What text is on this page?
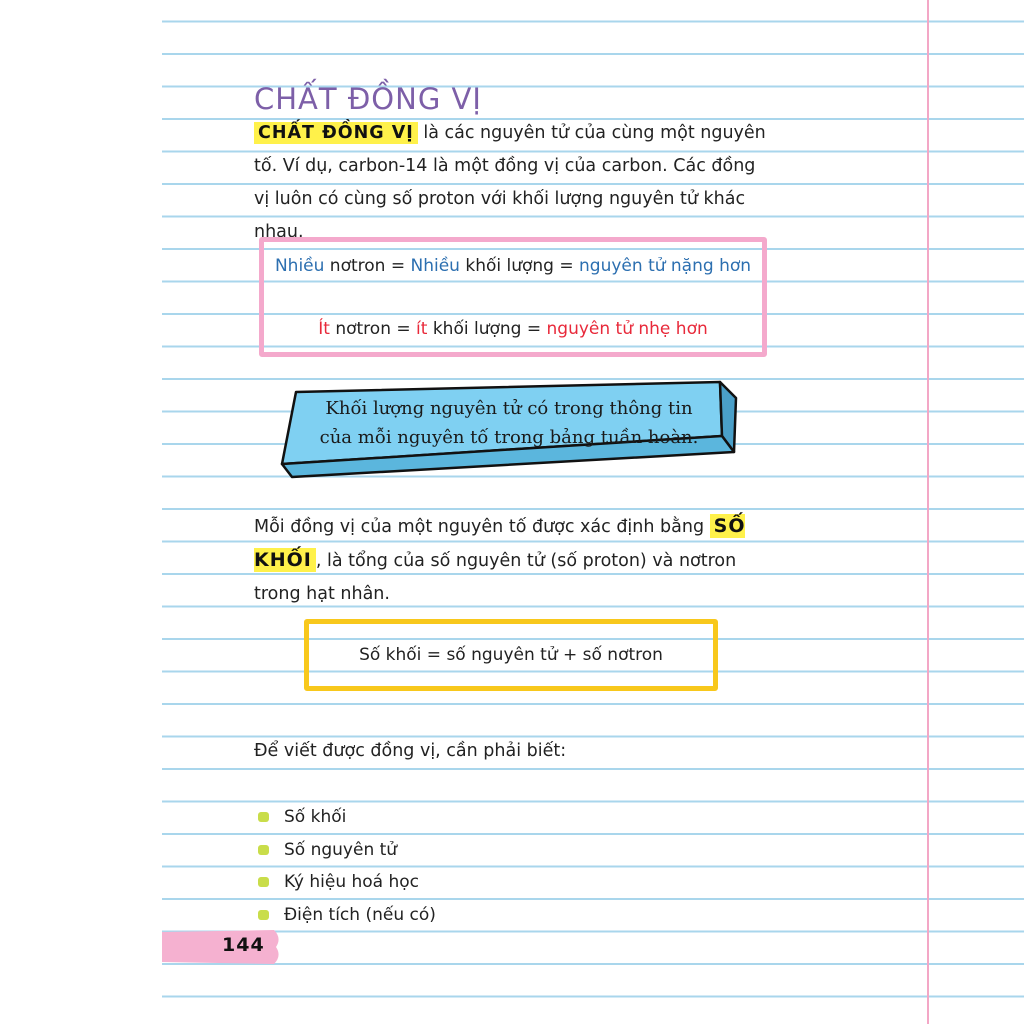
CHẤT ĐỒNG VỊ
CHẤT ĐỒNG VỊ là các nguyên tử của cùng một nguyên tố. Ví dụ, carbon-14 là một đồng vị của carbon. Các đồng vị luôn có cùng số proton với khối lượng nguyên tử khác nhau.
Nhiều nơtron = Nhiều khối lượng = nguyên tử nặng hơn
Ít nơtron = ít khối lượng = nguyên tử nhẹ hơn
Khối lượng nguyên tử có trong thông tin
của mỗi nguyên tố trong bảng tuần hoàn.
Mỗi đồng vị của một nguyên tố được xác định bằng SỐ KHỐI , là tổng của số nguyên tử (số proton) và nơtron trong hạt nhân.
Số khối = số nguyên tử + số nơtron
Để viết được đồng vị, cần phải biết:
Số khối
Số nguyên tử
Ký hiệu hoá học
Điện tích (nếu có)
144
